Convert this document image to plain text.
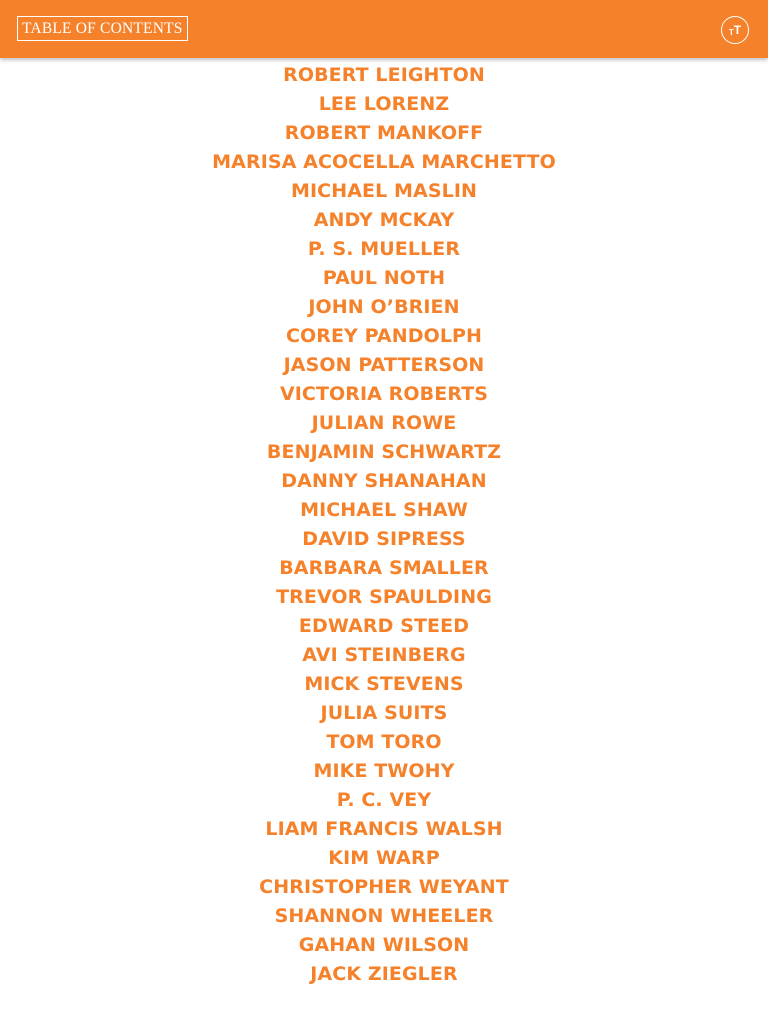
TABLE OF CONTENTS	TT
ROBERT LEIGHTON
LEE LORENZ
ROBERT MANKOFF
MARISA ACOCELLA MARCHETTO
MICHAEL MASLIN
ANDY MCKAY
P. S. MUELLER
PAUL NOTH
JOHN O’BRIEN
COREY PANDOLPH
JASON PATTERSON
VICTORIA ROBERTS
JULIAN ROWE
BENJAMIN SCHWARTZ
DANNY SHANAHAN
MICHAEL SHAW
DAVID SIPRESS
BARBARA SMALLER
TREVOR SPAULDING
EDWARD STEED
AVI STEINBERG
MICK STEVENS
JULIA SUITS
TOM TORO
MIKE TWOHY
P. C. VEY
LIAM FRANCIS WALSH
KIM WARP
CHRISTOPHER WEYANT
SHANNON WHEELER
GAHAN WILSON
JACK ZIEGLER
